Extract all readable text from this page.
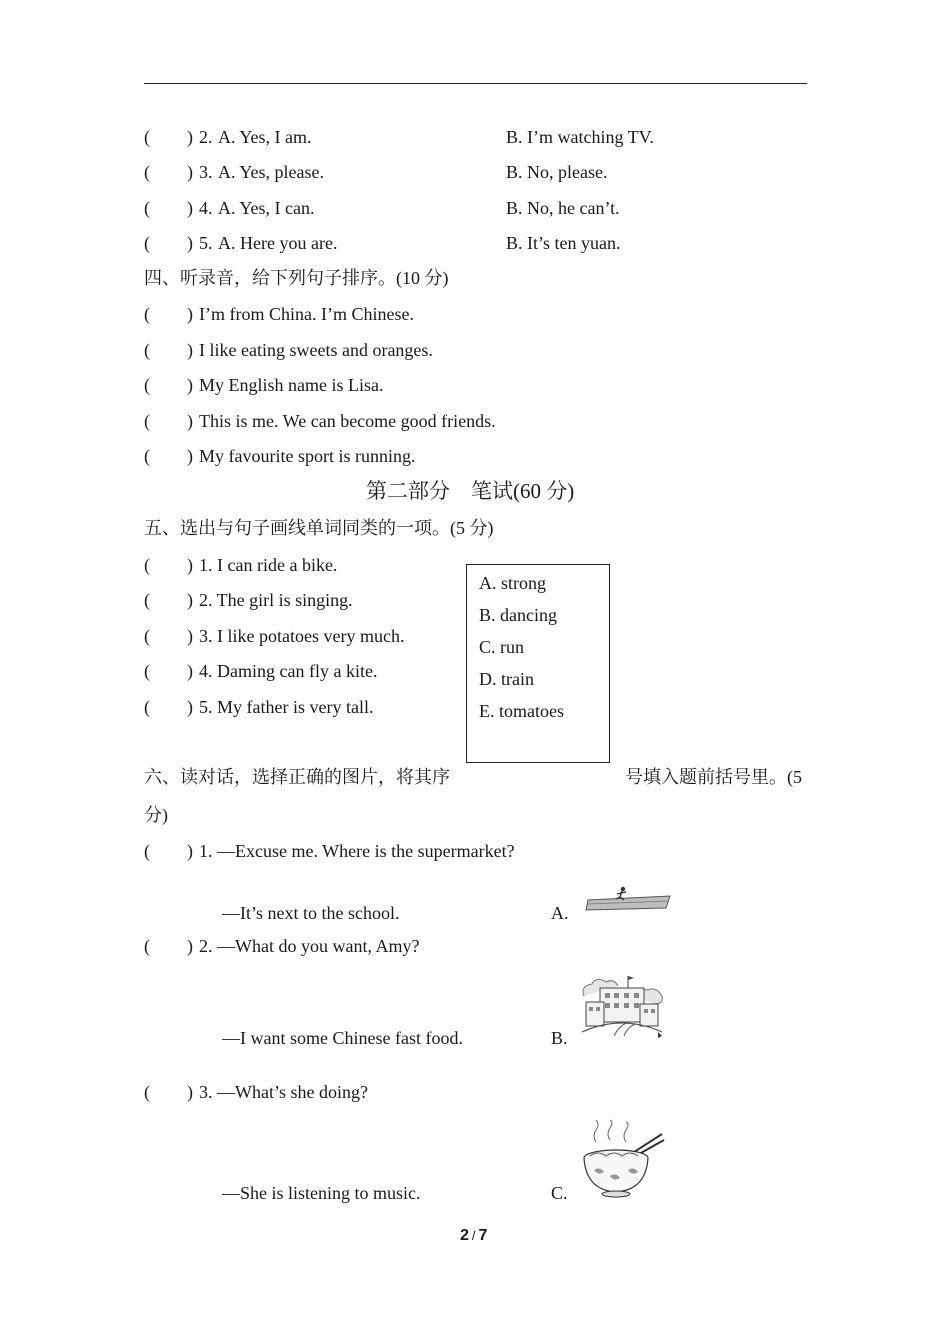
( ) 2. A. Yes, I am.	B. I’m watching TV.
( ) 3. A. Yes, please.	B. No, please.
( ) 4. A. Yes, I can.	B. No, he can’t.
( ) 5. A. Here you are.	B. It’s ten yuan.
四、听录音，给下列句子排序。(10 分)
( ) I’m from China. I’m Chinese.
( ) I like eating sweets and oranges.
( ) My English name is Lisa.
( ) This is me. We can become good friends.
( ) My favourite sport is running.
第二部分　笔试(60 分)
五、选出与句子画线单词同类的一项。(5 分)
( ) 1. I can ride a bike.
( ) 2. The girl is singing.
( ) 3. I like potatoes very much.
( ) 4. Daming can fly a kite.
( ) 5. My father is very tall.
A. strong
B. dancing
C. run
D. train
E. tomatoes
六、读对话，选择正确的图片，将其序	号填入题前括号里。(5
分)
( ) 1. —Excuse me. Where is the supermarket?
—It’s next to the school.	A.
( ) 2. —What do you want, Amy?
—I want some Chinese fast food.	B.
( ) 3. —What’s she doing?
—She is listening to music.	C.
2 / 7
